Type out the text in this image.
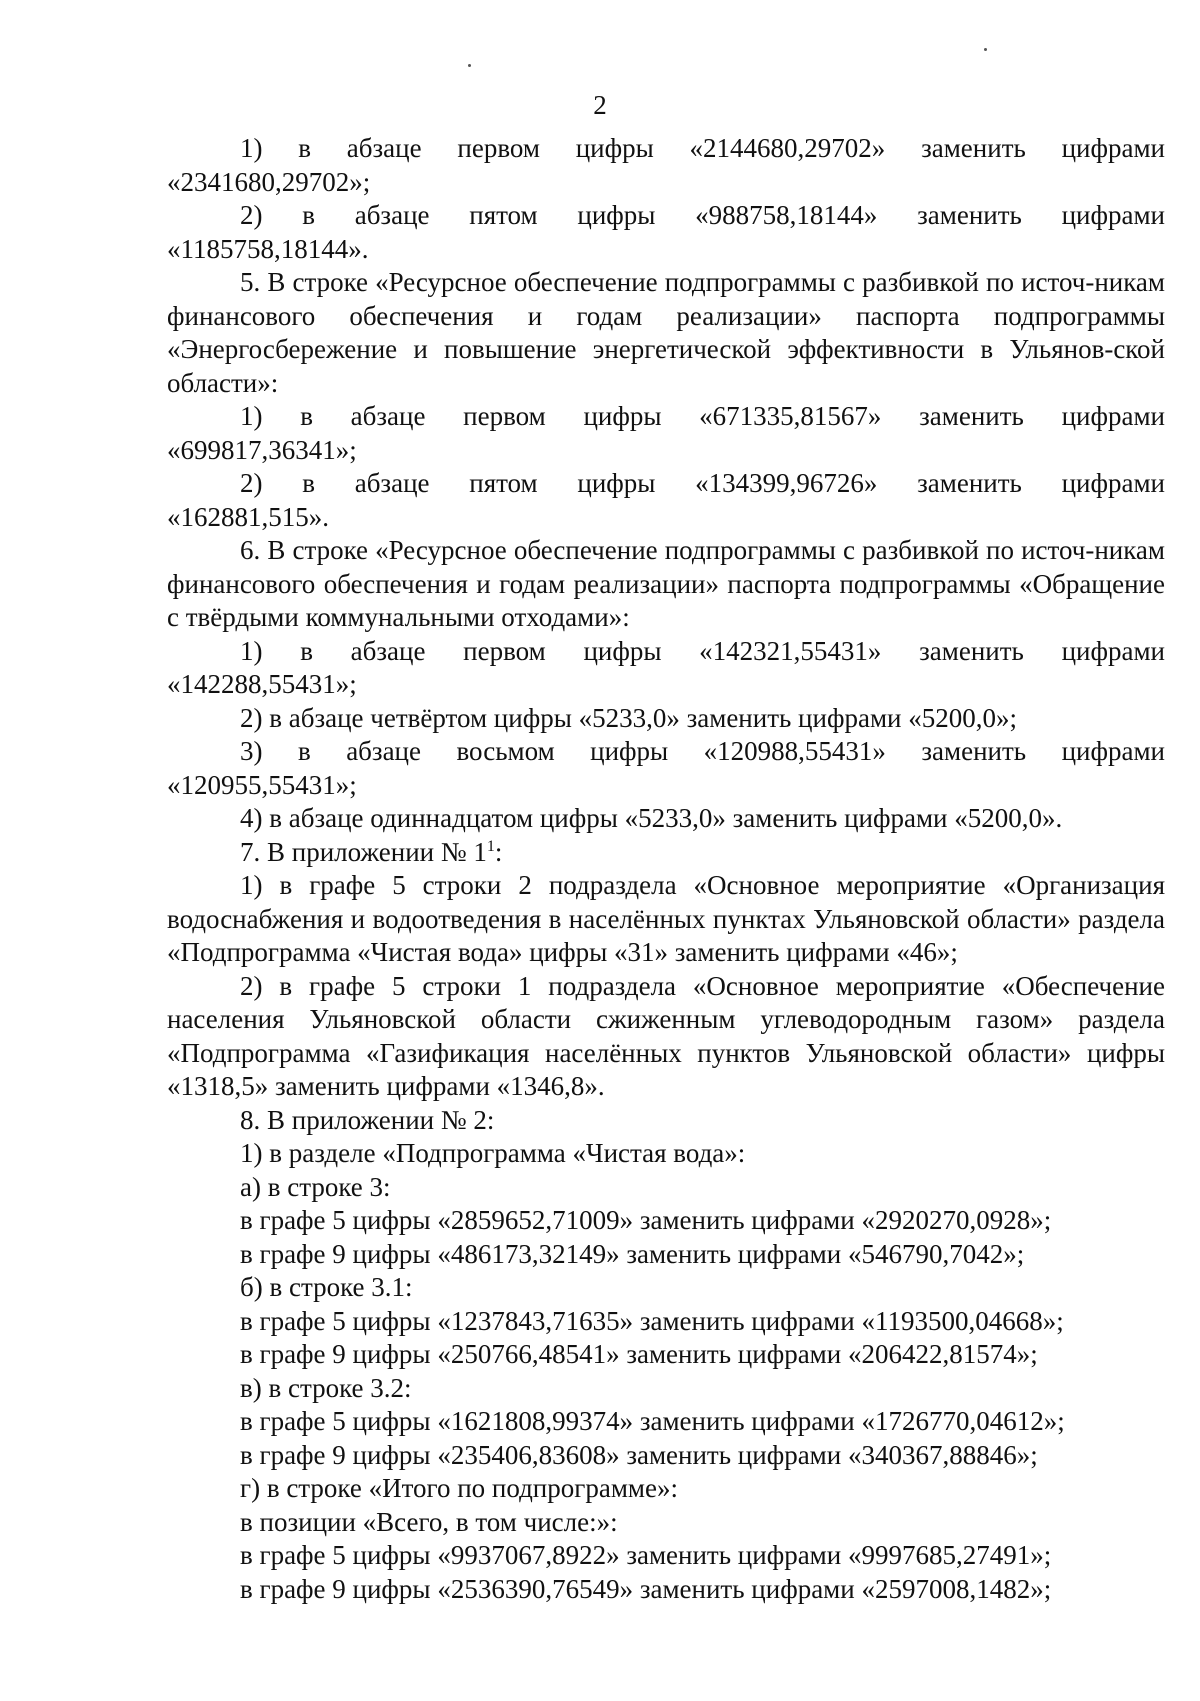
2

1) в абзаце первом цифры «2144680,29702» заменить цифрами

«2341680,29702»;

2) в абзаце пятом цифры «988758,18144» заменить цифрами

«1185758,18144».

5. В строке «Ресурсное обеспечение подпрограммы с разбивкой по источ-никам финансового обеспечения и годам реализации» паспорта подпрограммы «Энергосбережение и повышение энергетической эффективности в Ульянов-ской области»:

1) в абзаце первом цифры «671335,81567» заменить цифрами

«699817,36341»;

2) в абзаце пятом цифры «134399,96726» заменить цифрами

«162881,515».

6. В строке «Ресурсное обеспечение подпрограммы с разбивкой по источ-никам финансового обеспечения и годам реализации» паспорта подпрограммы «Обращение с твёрдыми коммунальными отходами»:

1) в абзаце первом цифры «142321,55431» заменить цифрами

«142288,55431»;

2) в абзаце четвёртом цифры «5233,0» заменить цифрами «5200,0»;

3) в абзаце восьмом цифры «120988,55431» заменить цифрами

«120955,55431»;

4) в абзаце одиннадцатом цифры «5233,0» заменить цифрами «5200,0».

7. В приложении № $1^1$:

1) в графе 5 строки 2 подраздела «Основное мероприятие «Организация водоснабжения и водоотведения в населённых пунктах Ульяновской области» раздела «Подпрограмма «Чистая вода» цифры «31» заменить цифрами «46»;

2) в графе 5 строки 1 подраздела «Основное мероприятие «Обеспечение населения Ульяновской области сжиженным углеводородным газом» раздела «Подпрограмма «Газификация населённых пунктов Ульяновской области» цифры «1318,5» заменить цифрами «1346,8».

8. В приложении № 2:

1) в разделе «Подпрограмма «Чистая вода»:

а) в строке 3:

в графе 5 цифры «2859652,71009» заменить цифрами «2920270,0928»;

в графе 9 цифры «486173,32149» заменить цифрами «546790,7042»;

б) в строке 3.1:

в графе 5 цифры «1237843,71635» заменить цифрами «1193500,04668»;

в графе 9 цифры «250766,48541» заменить цифрами «206422,81574»;

в) в строке 3.2:

в графе 5 цифры «1621808,99374» заменить цифрами «1726770,04612»;

в графе 9 цифры «235406,83608» заменить цифрами «340367,88846»;

г) в строке «Итого по подпрограмме»:

в позиции «Всего, в том числе:»:

в графе 5 цифры «9937067,8922» заменить цифрами «9997685,27491»;

в графе 9 цифры «2536390,76549» заменить цифрами «2597008,1482»;
